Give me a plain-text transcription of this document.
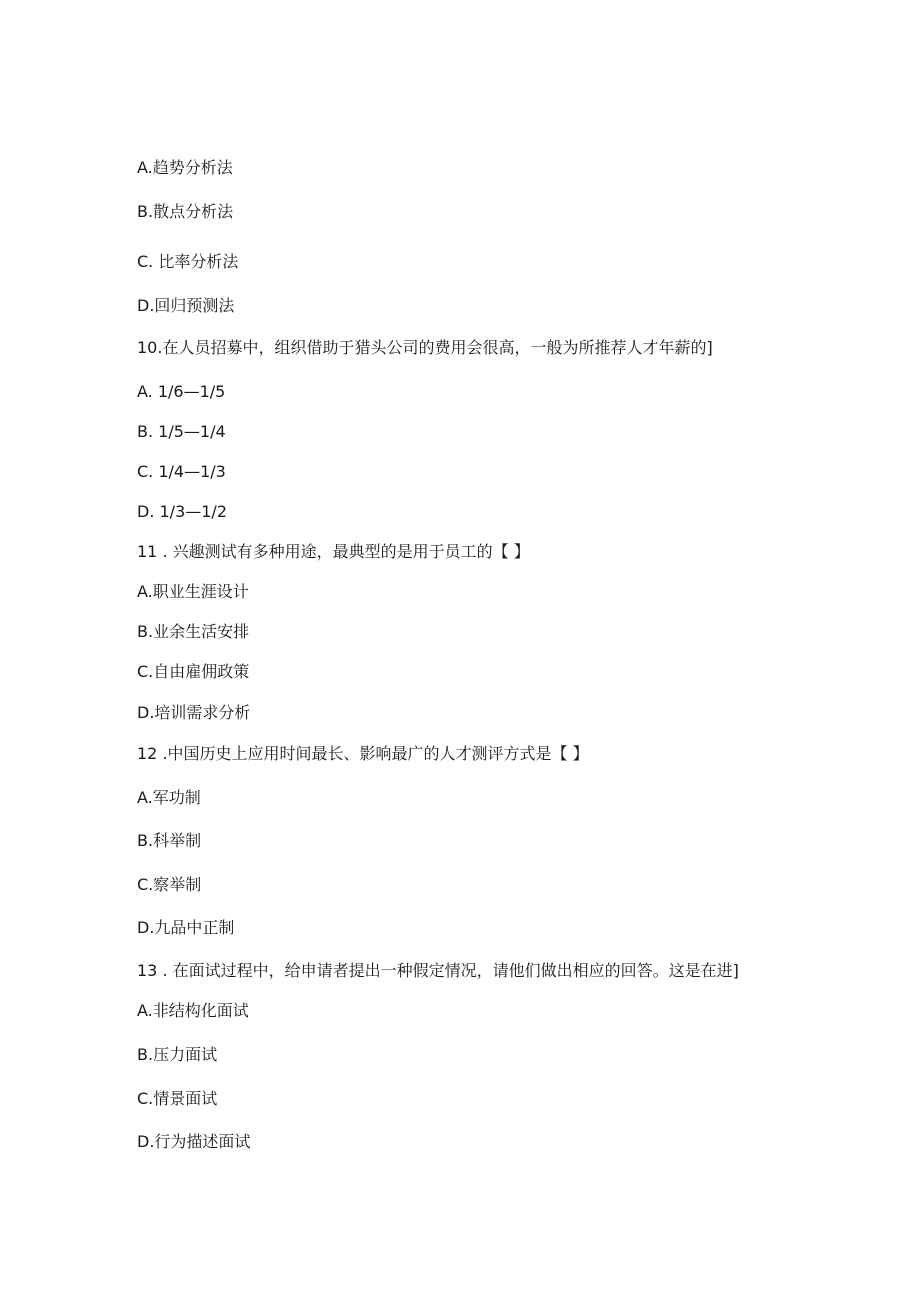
A.趋势分析法
B.散点分析法
C. 比率分析法
D.回归预测法
10.在人员招募中，组织借助于猎头公司的费用会很高，一般为所推荐人才年薪的]
A. 1/6—1/5
B. 1/5—1/4
C. 1/4—1/3
D. 1/3—1/2
11 . 兴趣测试有多种用途，最典型的是用于员工的【 】
A.职业生涯设计
B.业余生活安排
C.自由雇佣政策
D.培训需求分析
12 .中国历史上应用时间最长、影响最广的人才测评方式是【 】
A.军功制
B.科举制
C.察举制
D.九品中正制
13 . 在面试过程中，给申请者提出一种假定情况，请他们做出相应的回答。这是在进]
A.非结构化面试
B.压力面试
C.情景面试
D.行为描述面试
